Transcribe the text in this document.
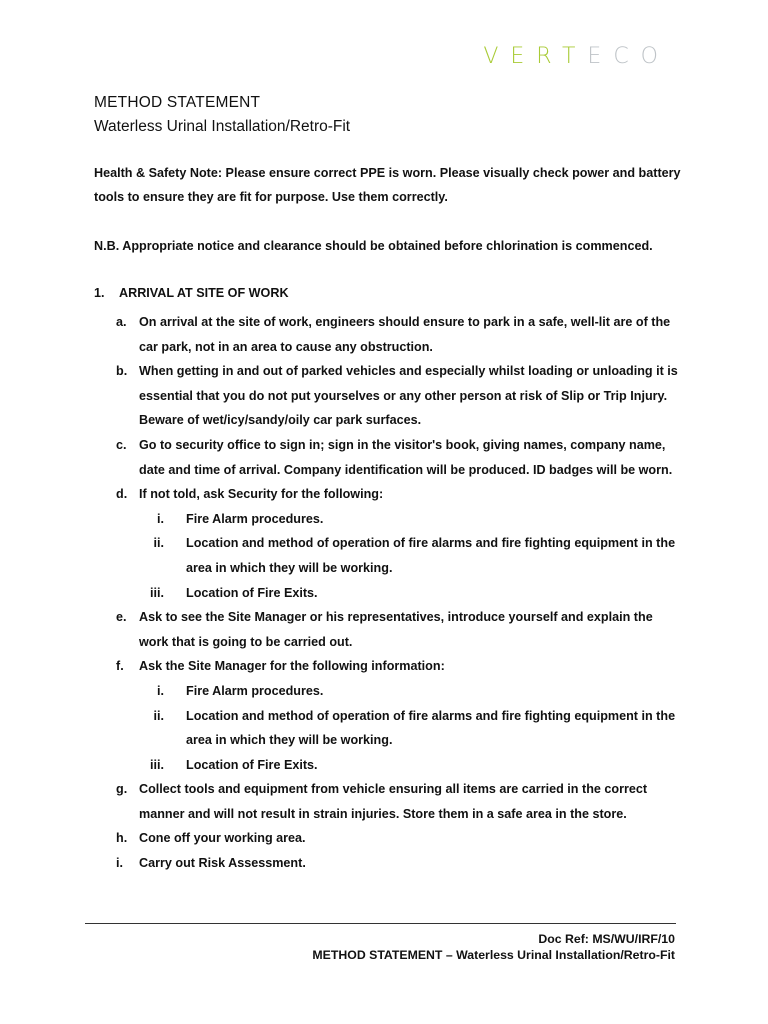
VERTECO
METHOD STATEMENT
Waterless Urinal Installation/Retro-Fit
Health & Safety Note: Please ensure correct PPE is worn. Please visually check power and battery tools to ensure they are fit for purpose. Use them correctly.
N.B. Appropriate notice and clearance should be obtained before chlorination is commenced.
1. ARRIVAL AT SITE OF WORK
a. On arrival at the site of work, engineers should ensure to park in a safe, well-lit are of the car park, not in an area to cause any obstruction.
b. When getting in and out of parked vehicles and especially whilst loading or unloading it is essential that you do not put yourselves or any other person at risk of Slip or Trip Injury. Beware of wet/icy/sandy/oily car park surfaces.
c. Go to security office to sign in; sign in the visitor's book, giving names, company name, date and time of arrival. Company identification will be produced. ID badges will be worn.
d. If not told, ask Security for the following:
i. Fire Alarm procedures.
ii. Location and method of operation of fire alarms and fire fighting equipment in the area in which they will be working.
iii. Location of Fire Exits.
e. Ask to see the Site Manager or his representatives, introduce yourself and explain the work that is going to be carried out.
f. Ask the Site Manager for the following information:
i. Fire Alarm procedures.
ii. Location and method of operation of fire alarms and fire fighting equipment in the area in which they will be working.
iii. Location of Fire Exits.
g. Collect tools and equipment from vehicle ensuring all items are carried in the correct manner and will not result in strain injuries. Store them in a safe area in the store.
h. Cone off your working area.
i. Carry out Risk Assessment.
Doc Ref: MS/WU/IRF/10
METHOD STATEMENT – Waterless Urinal Installation/Retro-Fit
